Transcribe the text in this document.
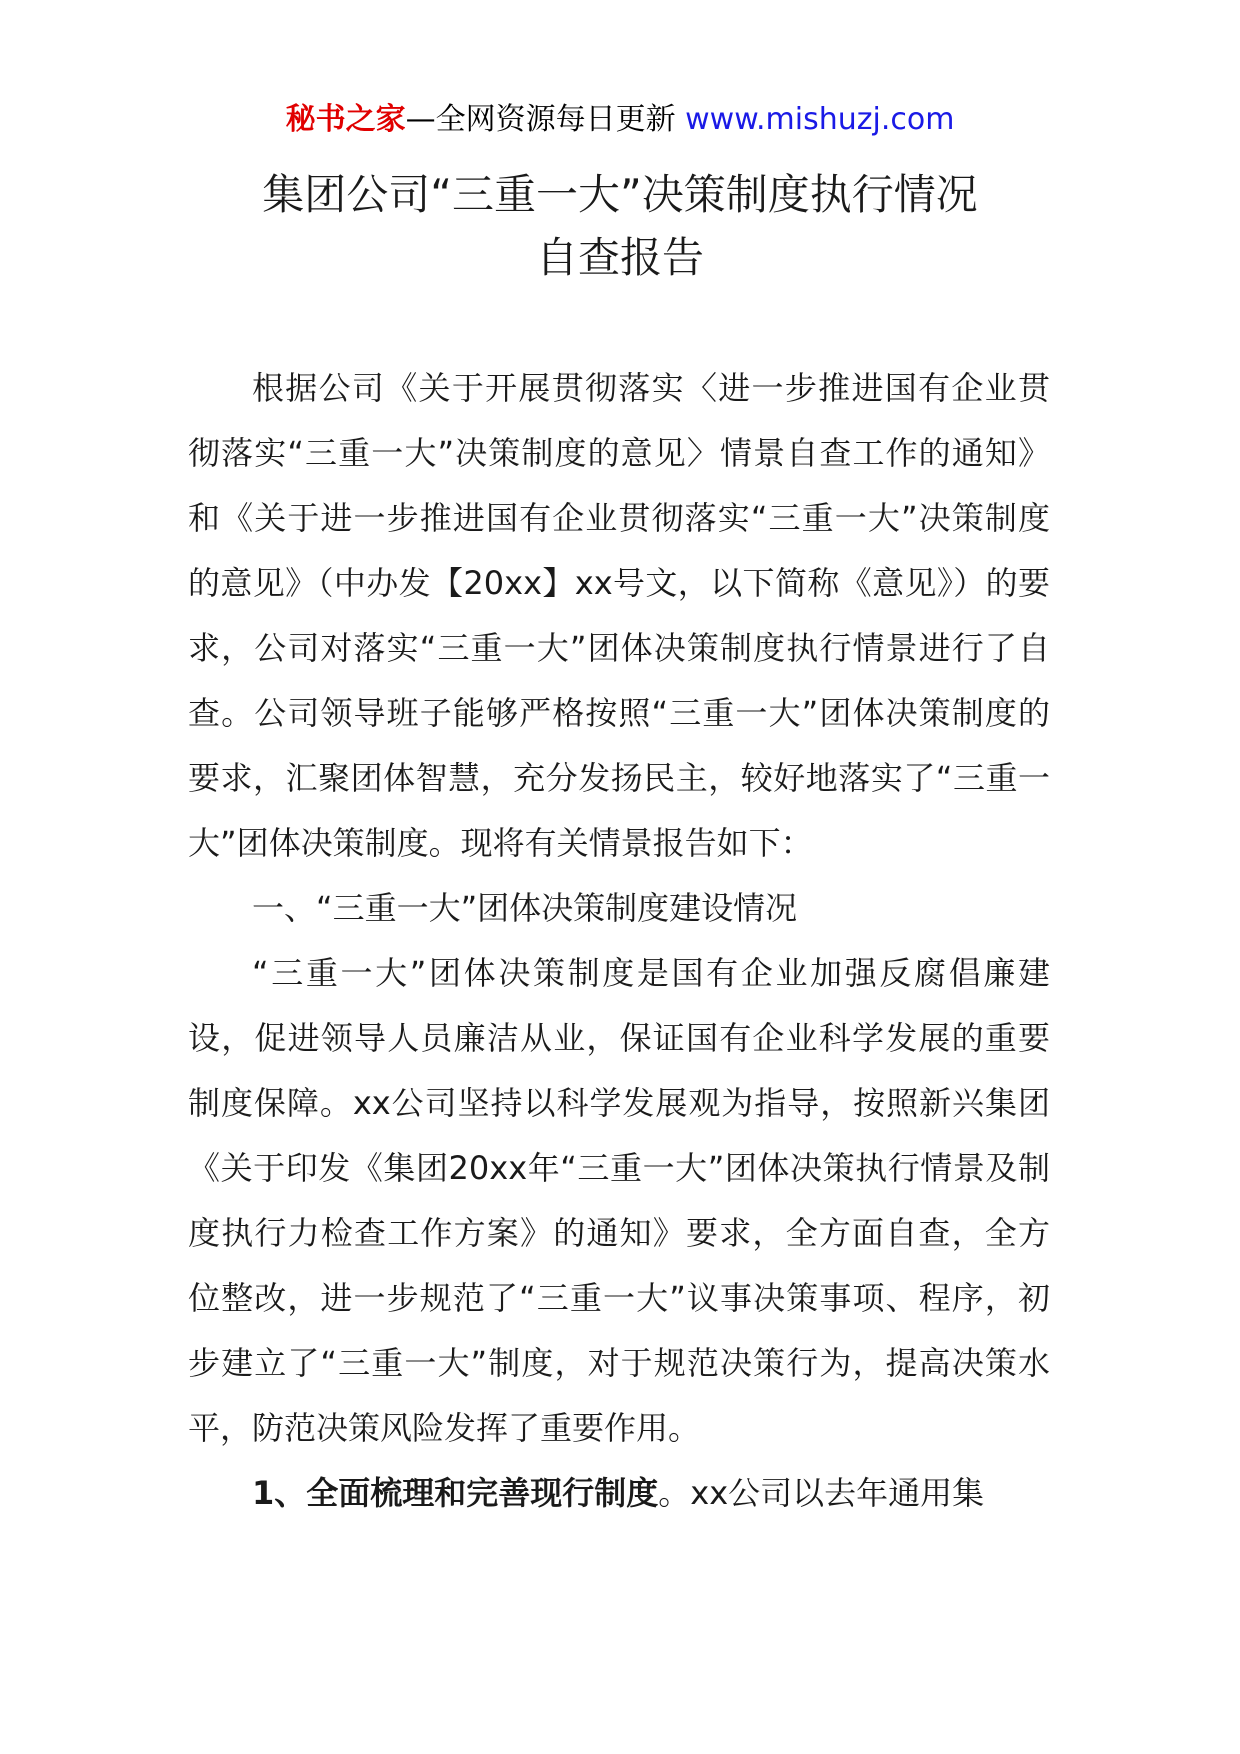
秘书之家—全网资源每日更新 www.mishuzj.com
集团公司“三重一大”决策制度执行情况
自查报告

根据公司《关于开展贯彻落实〈进一步推进国有企业贯彻落实“三重一大”决策制度的意见〉情景自查工作的通知》和《关于进一步推进国有企业贯彻落实“三重一大”决策制度的意见》（中办发【20xx】xx号文，以下简称《意见》）的要求，公司对落实“三重一大”团体决策制度执行情景进行了自查。公司领导班子能够严格按照“三重一大”团体决策制度的要求，汇聚团体智慧，充分发扬民主，较好地落实了“三重一大”团体决策制度。现将有关情景报告如下：

一、“三重一大”团体决策制度建设情况

“三重一大”团体决策制度是国有企业加强反腐倡廉建设，促进领导人员廉洁从业，保证国有企业科学发展的重要制度保障。xx公司坚持以科学发展观为指导，按照新兴集团《关于印发《集团20xx年“三重一大”团体决策执行情景及制度执行力检查工作方案》的通知》要求，全方面自查，全方位整改，进一步规范了“三重一大”议事决策事项、程序，初步建立了“三重一大”制度，对于规范决策行为，提高决策水平，防范决策风险发挥了重要作用。

1、全面梳理和完善现行制度。xx公司以去年通用集
